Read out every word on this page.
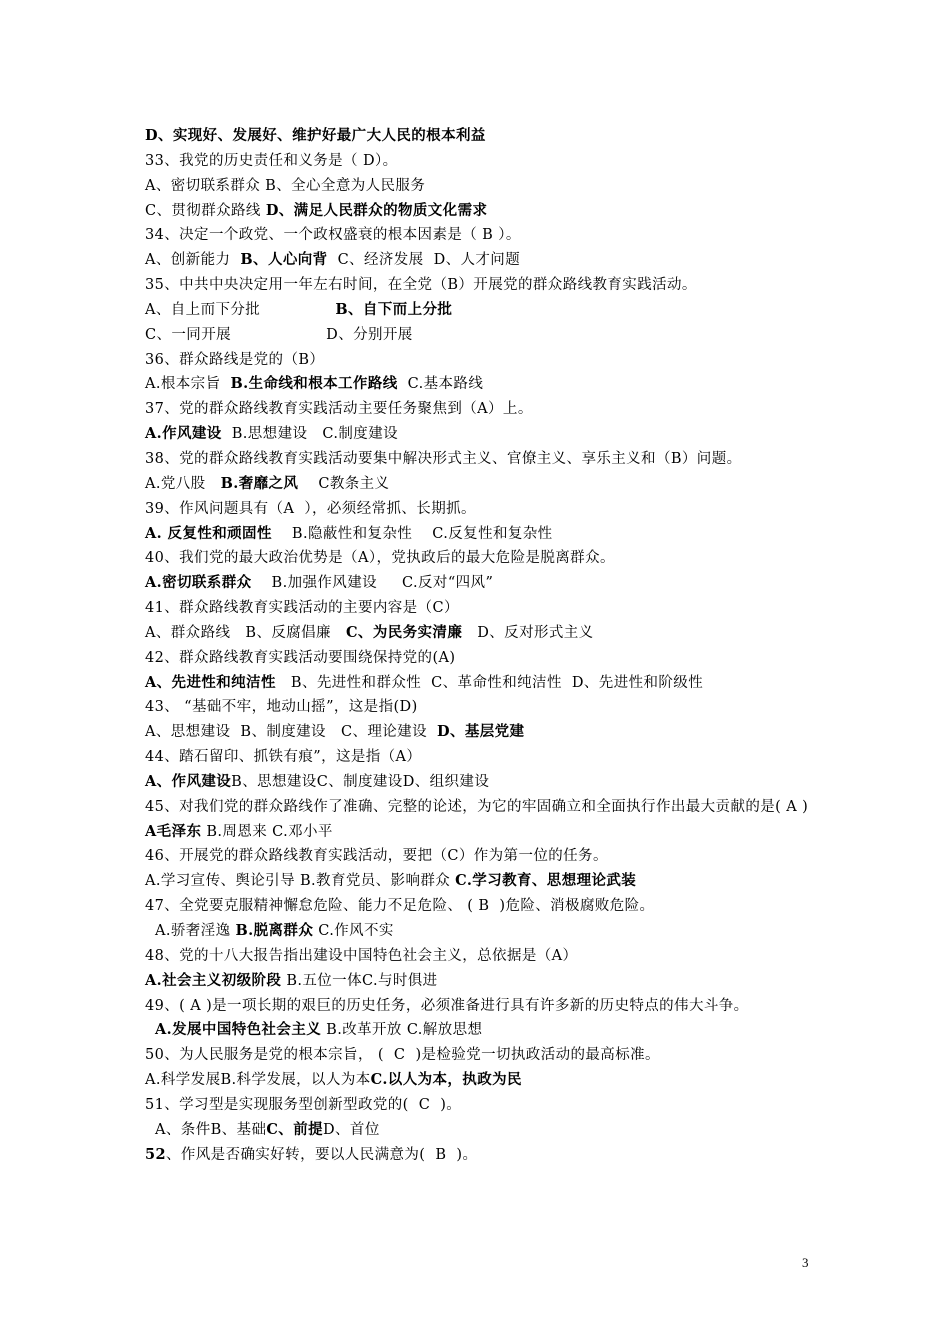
D、实现好、发展好、维护好最广大人民的根本利益
33、我党的历史责任和义务是（ D）。
A、密切联系群众 B、全心全意为人民服务
C、贯彻群众路线 D、满足人民群众的物质文化需求
34、决定一个政党、一个政权盛衰的根本因素是（ B ）。
A、创新能力  B、人心向背  C、经济发展  D、人才问题
35、中共中央决定用一年左右时间，在全党（B）开展党的群众路线教育实践活动。
A、自上而下分批               B、自下而上分批
C、一同开展                   D、分别开展
36、群众路线是党的（B）
A.根本宗旨  B.生命线和根本工作路线  C.基本路线
37、党的群众路线教育实践活动主要任务聚焦到（A）上。
A.作风建设  B.思想建设   C.制度建设
38、党的群众路线教育实践活动要集中解决形式主义、官僚主义、享乐主义和（B）问题。
A.党八股   B.奢靡之风    C教条主义
39、作风问题具有（A  ），必须经常抓、长期抓。
A. 反复性和顽固性    B.隐蔽性和复杂性    C.反复性和复杂性
40、我们党的最大政治优势是（A），党执政后的最大危险是脱离群众。
A.密切联系群众    B.加强作风建设     C.反对“四风”
41、群众路线教育实践活动的主要内容是（C）
A、群众路线   B、反腐倡廉   C、为民务实清廉   D、反对形式主义
42、群众路线教育实践活动要围绕保持党的(A)
A、先进性和纯洁性   B、先进性和群众性  C、革命性和纯洁性  D、先进性和阶级性
43、 “基础不牢，地动山摇”，这是指(D)
A、思想建设  B、制度建设   C、理论建设  D、基层党建
44、踏石留印、抓铁有痕”，这是指（A）
A、作风建设B、思想建设C、制度建设D、组织建设
45、对我们党的群众路线作了准确、完整的论述，为它的牢固确立和全面执行作出最大贡献的是( A )
A毛泽东 B.周恩来 C.邓小平
46、开展党的群众路线教育实践活动，要把（C）作为第一位的任务。
A.学习宣传、舆论引导 B.教育党员、影响群众 C.学习教育、思想理论武装
47、全党要克服精神懈怠危险、能力不足危险、 ( B  )危险、消极腐败危险。
A.骄奢淫逸 B.脱离群众 C.作风不实
48、党的十八大报告指出建设中国特色社会主义，总依据是（A）
A.社会主义初级阶段 B.五位一体C.与时俱进
49、( A )是一项长期的艰巨的历史任务，必须准备进行具有许多新的历史特点的伟大斗争。
A.发展中国特色社会主义 B.改革开放 C.解放思想
50、为人民服务是党的根本宗旨， (  C  )是检验党一切执政活动的最高标准。
A.科学发展B.科学发展，以人为本C.以人为本，执政为民
51、学习型是实现服务型创新型政党的(  C  )。
A、条件B、基础C、前提D、首位
52、作风是否确实好转，要以人民满意为(  B  )。
3
